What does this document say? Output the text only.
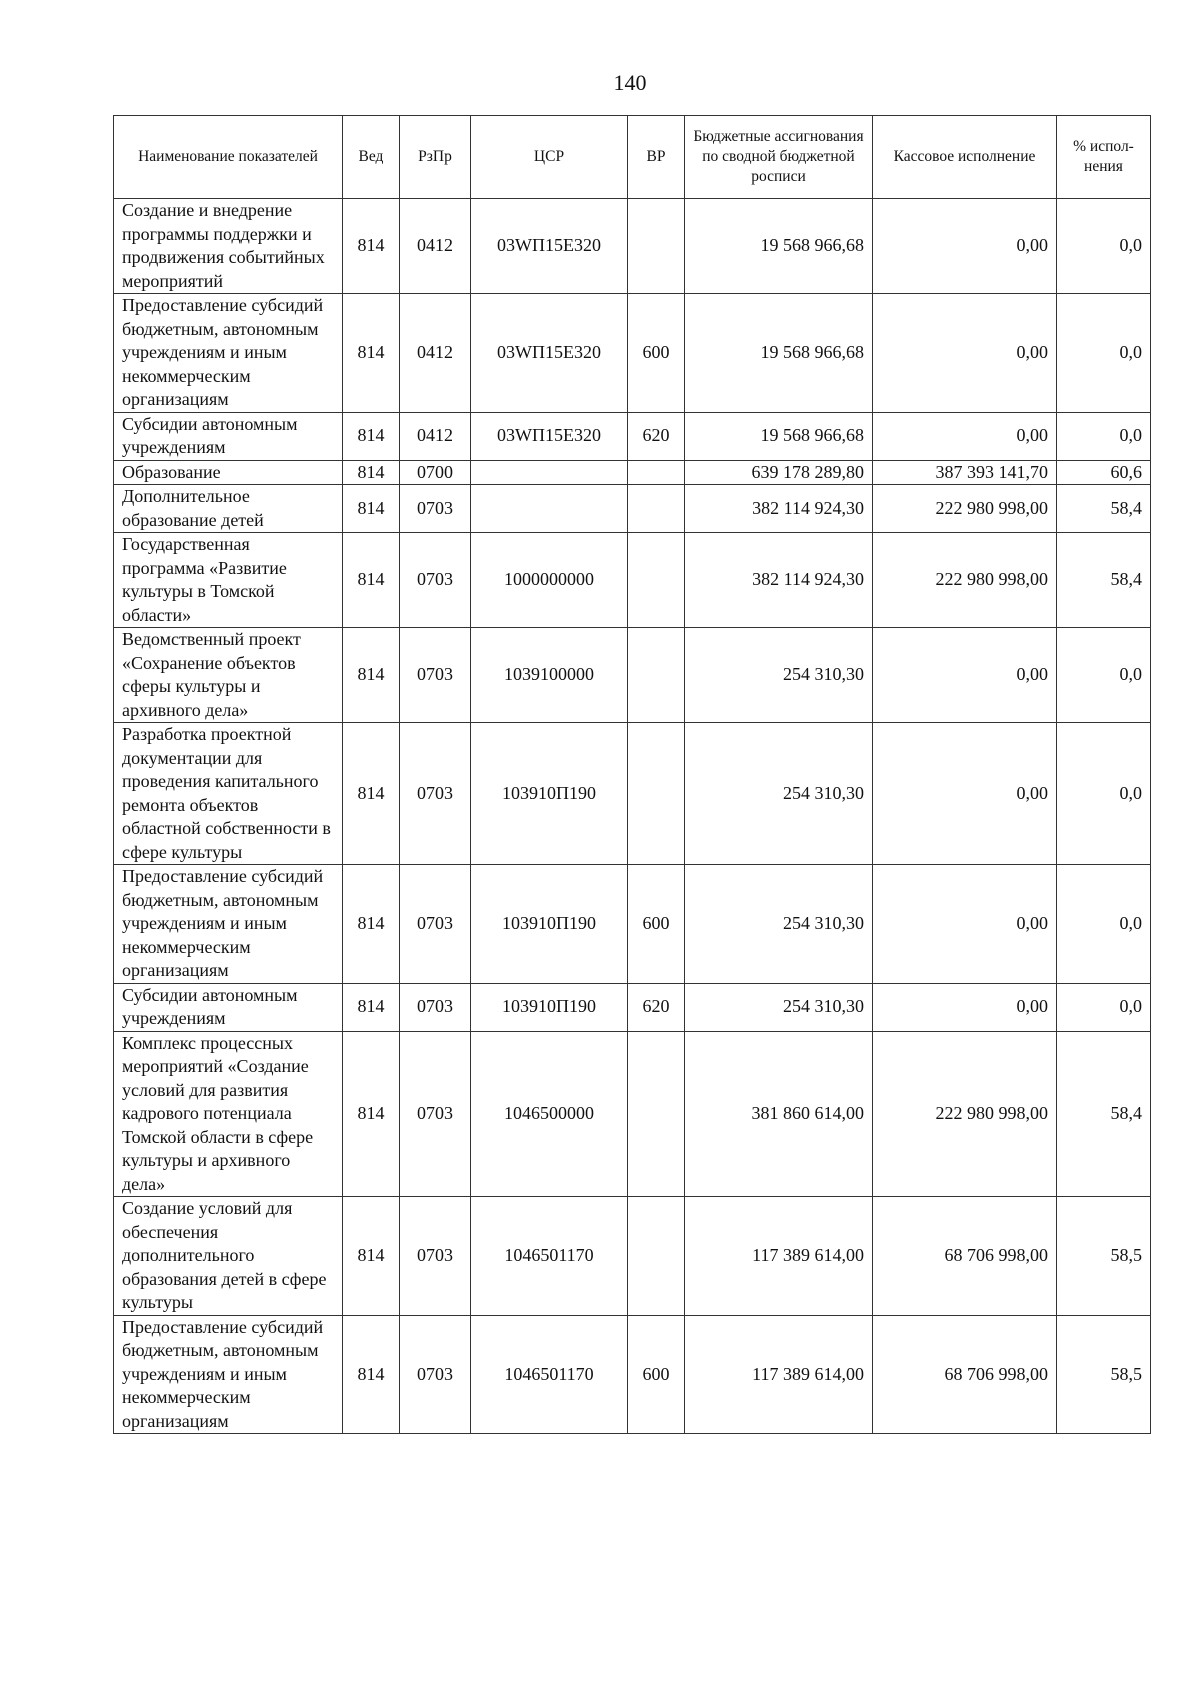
140
Наименование показателей	Вед	РзПр	ЦСР	ВР	Бюджетные ассигнования по сводной бюджетной росписи	Кассовое исполнение	% испол-нения
Создание и внедрение программы поддержки и продвижения событийных мероприятий	814	0412	03WП15Е320		19 568 966,68	0,00	0,0
Предоставление субсидий бюджетным, автономным учреждениям и иным некоммерческим организациям	814	0412	03WП15Е320	600	19 568 966,68	0,00	0,0
Субсидии автономным учреждениям	814	0412	03WП15Е320	620	19 568 966,68	0,00	0,0
Образование	814	0700			639 178 289,80	387 393 141,70	60,6
Дополнительное образование детей	814	0703			382 114 924,30	222 980 998,00	58,4
Государственная программа «Развитие культуры в Томской области»	814	0703	1000000000		382 114 924,30	222 980 998,00	58,4
Ведомственный проект «Сохранение объектов сферы культуры и архивного дела»	814	0703	1039100000		254 310,30	0,00	0,0
Разработка проектной документации для проведения капитального ремонта объектов областной собственности в сфере культуры	814	0703	103910П190		254 310,30	0,00	0,0
Предоставление субсидий бюджетным, автономным учреждениям и иным некоммерческим организациям	814	0703	103910П190	600	254 310,30	0,00	0,0
Субсидии автономным учреждениям	814	0703	103910П190	620	254 310,30	0,00	0,0
Комплекс процессных мероприятий «Создание условий для развития кадрового потенциала Томской области в сфере культуры и архивного дела»	814	0703	1046500000		381 860 614,00	222 980 998,00	58,4
Создание условий для обеспечения дополнительного образования детей в сфере культуры	814	0703	1046501170		117 389 614,00	68 706 998,00	58,5
Предоставление субсидий бюджетным, автономным учреждениям и иным некоммерческим организациям	814	0703	1046501170	600	117 389 614,00	68 706 998,00	58,5
